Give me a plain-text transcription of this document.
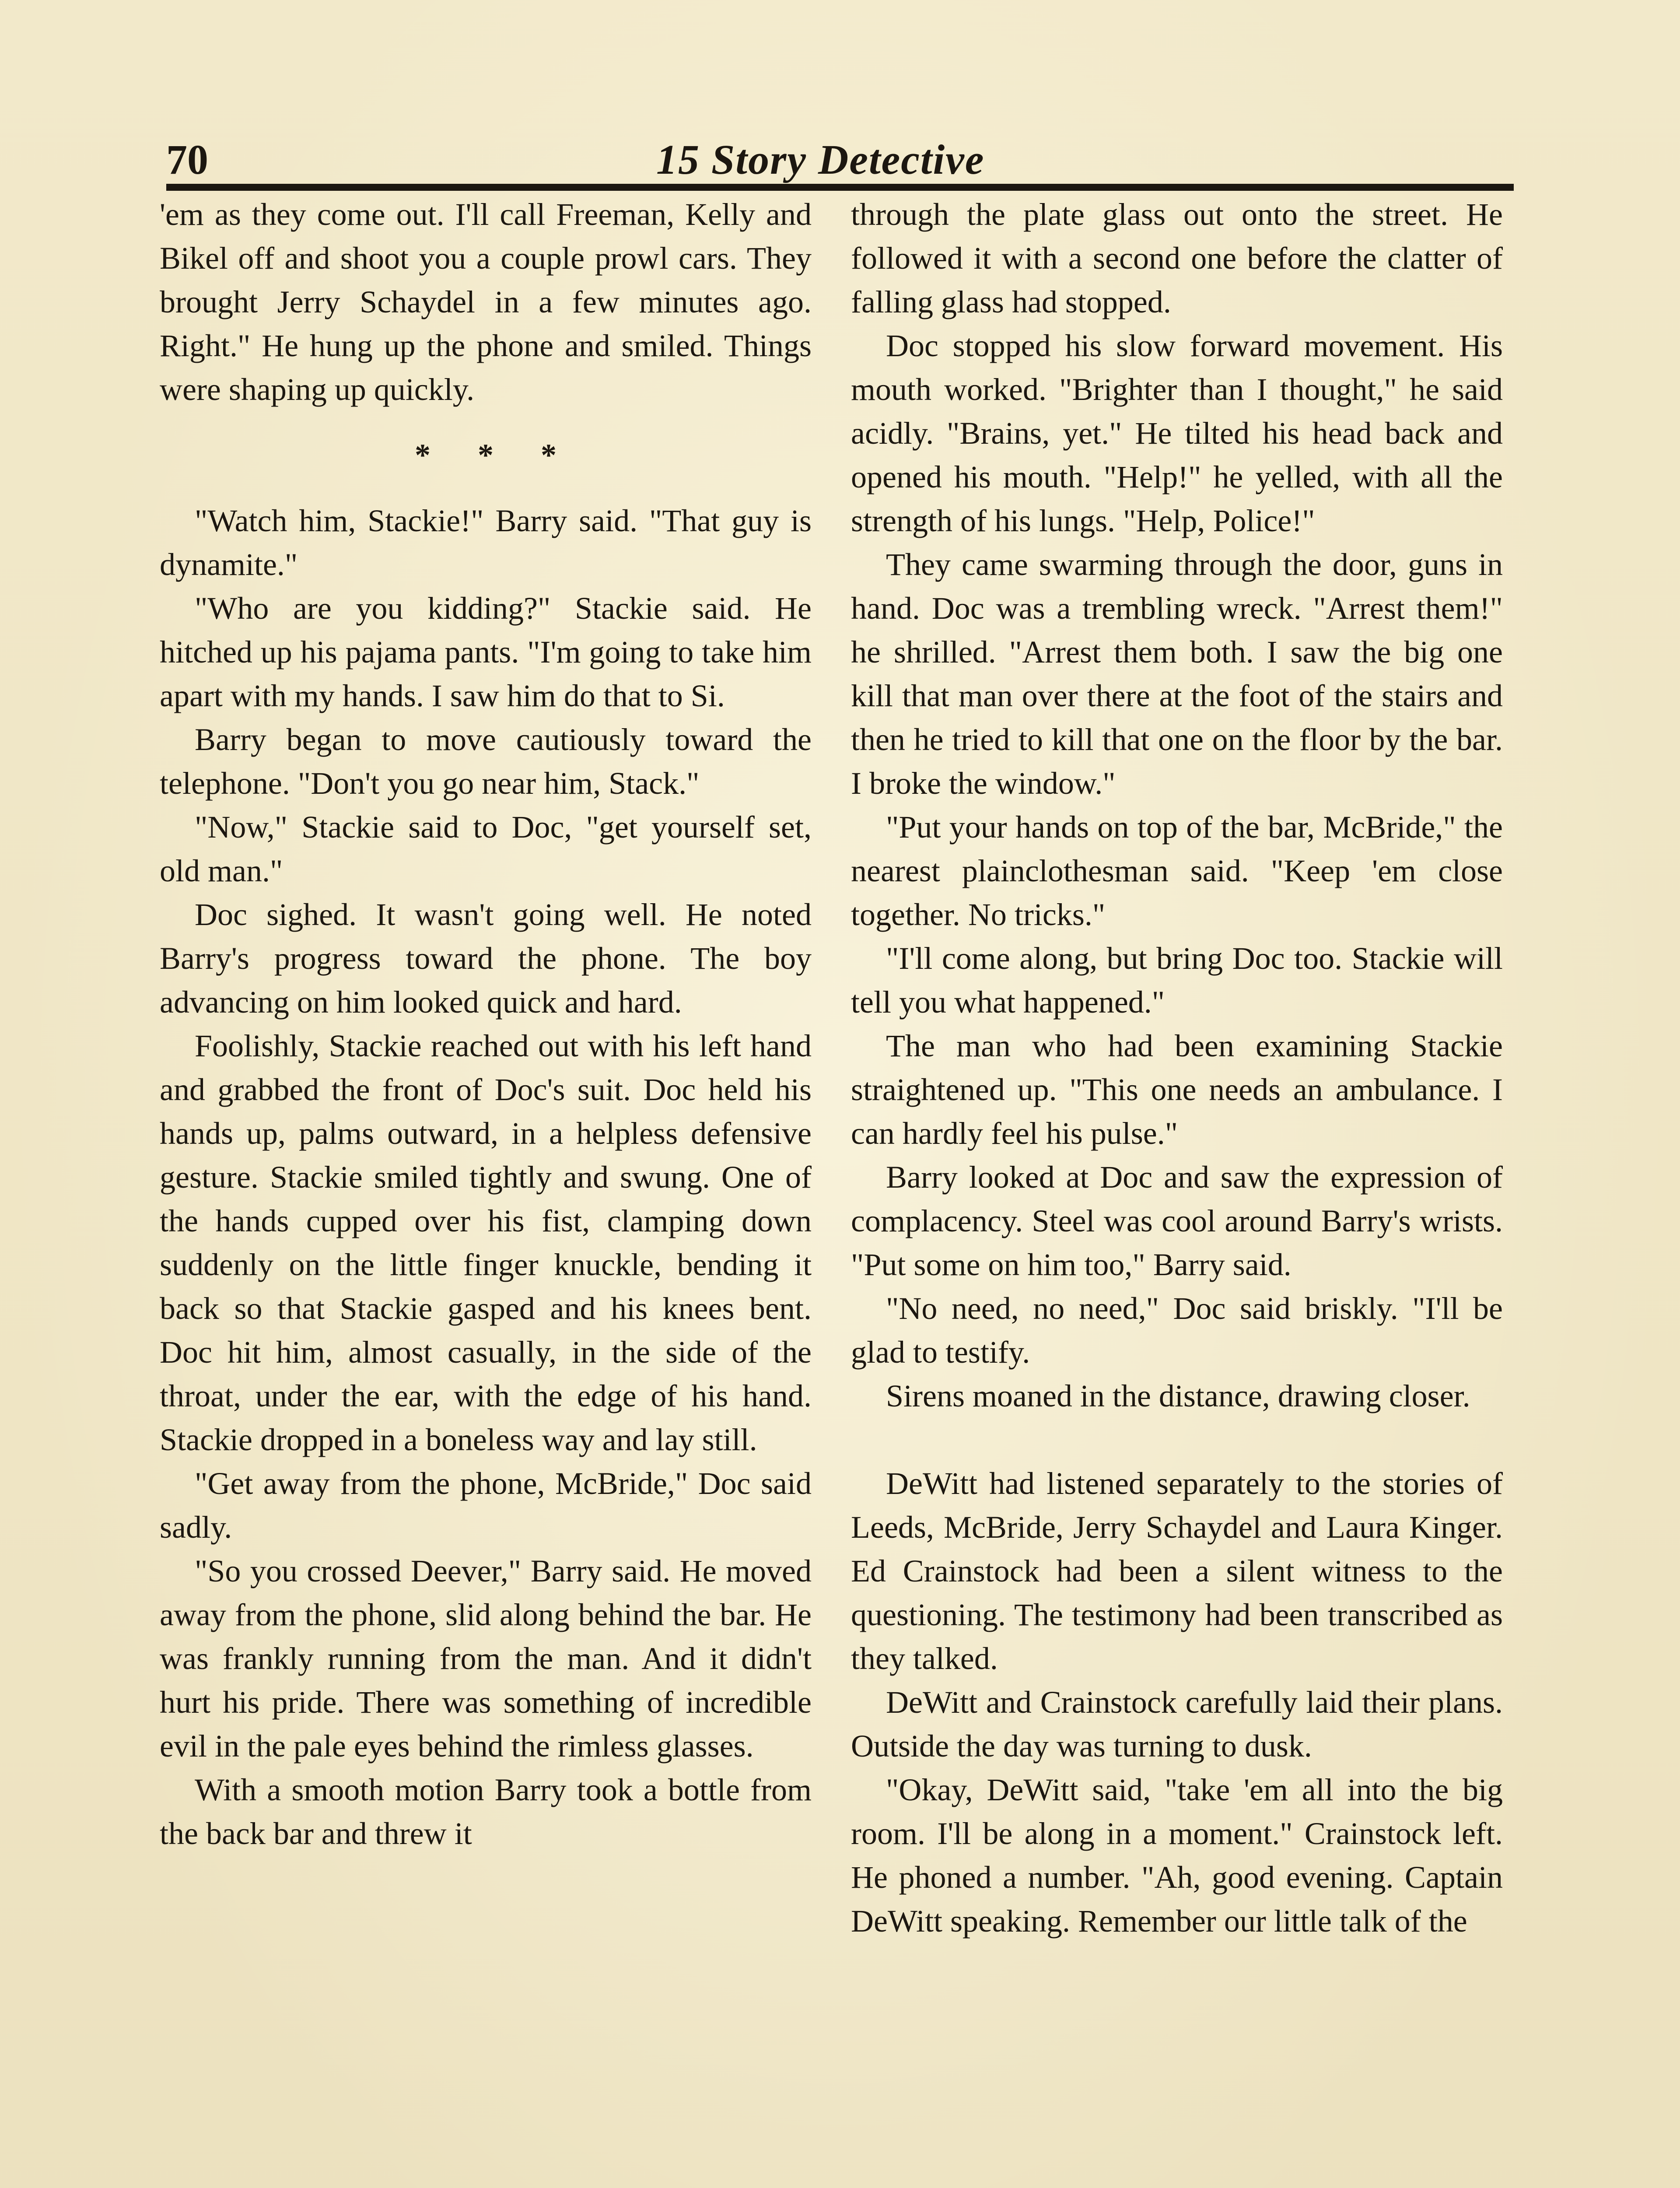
70	15 Story Detective

'em as they come out. I'll call Freeman, Kelly and Bikel off and shoot you a couple prowl cars. They brought Jerry Schaydel in a few minutes ago. Right." He hung up the phone and smiled. Things were shaping up quickly.

* * *

"Watch him, Stackie!" Barry said. "That guy is dynamite."

"Who are you kidding?" Stackie said. He hitched up his pajama pants. "I'm going to take him apart with my hands. I saw him do that to Si.

Barry began to move cautiously toward the telephone. "Don't you go near him, Stack."

"Now," Stackie said to Doc, "get yourself set, old man."

Doc sighed. It wasn't going well. He noted Barry's progress toward the phone. The boy advancing on him looked quick and hard.

Foolishly, Stackie reached out with his left hand and grabbed the front of Doc's suit. Doc held his hands up, palms outward, in a helpless defensive gesture. Stackie smiled tightly and swung. One of the hands cupped over his fist, clamping down suddenly on the little finger knuckle, bending it back so that Stackie gasped and his knees bent. Doc hit him, almost casually, in the side of the throat, under the ear, with the edge of his hand. Stackie dropped in a boneless way and lay still.

"Get away from the phone, McBride," Doc said sadly.

"So you crossed Deever," Barry said. He moved away from the phone, slid along behind the bar. He was frankly running from the man. And it didn't hurt his pride. There was something of incredible evil in the pale eyes behind the rimless glasses.

With a smooth motion Barry took a bottle from the back bar and threw it

through the plate glass out onto the street. He followed it with a second one before the clatter of falling glass had stopped.

Doc stopped his slow forward movement. His mouth worked. "Brighter than I thought," he said acidly. "Brains, yet." He tilted his head back and opened his mouth. "Help!" he yelled, with all the strength of his lungs. "Help, Police!"

They came swarming through the door, guns in hand. Doc was a trembling wreck. "Arrest them!" he shrilled. "Arrest them both. I saw the big one kill that man over there at the foot of the stairs and then he tried to kill that one on the floor by the bar. I broke the window."

"Put your hands on top of the bar, McBride," the nearest plainclothesman said. "Keep 'em close together. No tricks."

"I'll come along, but bring Doc too. Stackie will tell you what happened."

The man who had been examining Stackie straightened up. "This one needs an ambulance. I can hardly feel his pulse."

Barry looked at Doc and saw the expression of complacency. Steel was cool around Barry's wrists. "Put some on him too," Barry said.

"No need, no need," Doc said briskly. "I'll be glad to testify.

Sirens moaned in the distance, drawing closer.

DeWitt had listened separately to the stories of Leeds, McBride, Jerry Schaydel and Laura Kinger. Ed Crainstock had been a silent witness to the questioning. The testimony had been transcribed as they talked.

DeWitt and Crainstock carefully laid their plans. Outside the day was turning to dusk.

"Okay, DeWitt said, "take 'em all into the big room. I'll be along in a moment." Crainstock left. He phoned a number. "Ah, good evening. Captain DeWitt speaking. Remember our little talk of the
